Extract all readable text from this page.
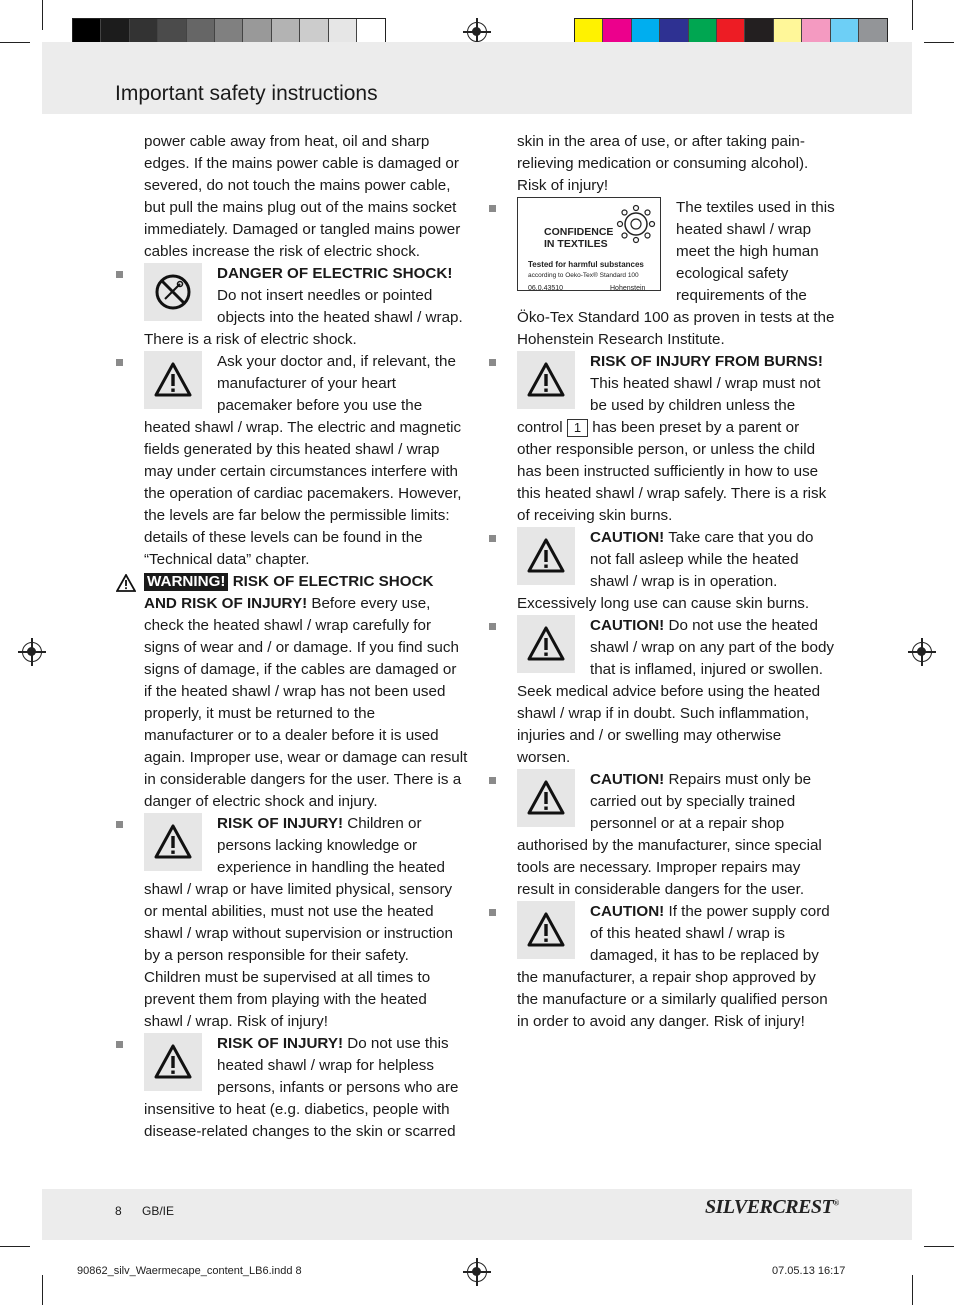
Important safety instructions

power cable away from heat, oil and sharp edges. If the mains power cable is damaged or severed, do not touch the mains power cable, but pull the mains plug out of the mains socket immediately. Damaged or tangled mains power cables increase the risk of electric shock.

DANGER OF ELECTRIC SHOCK! Do not insert needles or pointed objects into the heated shawl / wrap. There is a risk of electric shock.

Ask your doctor and, if relevant, the manufacturer of your heart pacemaker before you use the heated shawl / wrap. The electric and magnetic fields generated by this heated shawl / wrap may under certain circumstances interfere with the operation of cardiac pacemakers. However, the levels are far below the permissible limits: details of these levels can be found in the “Technical data” chapter.

WARNING! RISK OF ELECTRIC SHOCK AND RISK OF INJURY! Before every use, check the heated shawl / wrap carefully for signs of wear and / or damage. If you find such signs of damage, if the cables are damaged or if the heated shawl / wrap has not been used properly, it must be returned to the manufacturer or to a dealer before it is used again. Improper use, wear or damage can result in considerable dangers for the user. There is a danger of electric shock and injury.

RISK OF INJURY! Children or persons lacking knowledge or experience in handling the heated shawl / wrap or have limited physical, sensory or mental abilities, must not use the heated shawl / wrap without supervision or instruction by a person responsible for their safety. Children must be supervised at all times to prevent them from playing with the heated shawl / wrap. Risk of injury!

RISK OF INJURY! Do not use this heated shawl / wrap for helpless persons, infants or persons who are insensitive to heat (e.g. diabetics, people with disease-related changes to the skin or scarred

skin in the area of use, or after taking pain-relieving medication or consuming alcohol). Risk of injury!

CONFIDENCE
IN TEXTILES
Tested for harmful substances
according to Oeko-Tex® Standard 100
06.0.43510	Hohenstein

The textiles used in this heated shawl / wrap meet the high human ecological safety requirements of the Öko-Tex Standard 100 as proven in tests at the Hohenstein Research Institute.

RISK OF INJURY FROM BURNS! This heated shawl / wrap must not be used by children unless the control 1 has been preset by a parent or other responsible person, or unless the child has been instructed sufficiently in how to use this heated shawl / wrap safely. There is a risk of receiving skin burns.

CAUTION! Take care that you do not fall asleep while the heated shawl / wrap is in operation. Excessively long use can cause skin burns.

CAUTION! Do not use the heated shawl / wrap on any part of the body that is inflamed, injured or swollen. Seek medical advice before using the heated shawl / wrap if in doubt. Such inflammation, injuries and / or swelling may otherwise worsen.

CAUTION! Repairs must only be carried out by specially trained personnel or at a repair shop authorised by the manufacturer, since special tools are necessary. Improper repairs may result in considerable dangers for the user.

CAUTION! If the power supply cord of this heated shawl / wrap is damaged, it has to be replaced by the manufacturer, a repair shop approved by the manufacture or a similarly qualified person in order to avoid any danger. Risk of injury!

8 GB/IE	SILVERCREST®
90862_silv_Waermecape_content_LB6.indd 8	07.05.13 16:17
